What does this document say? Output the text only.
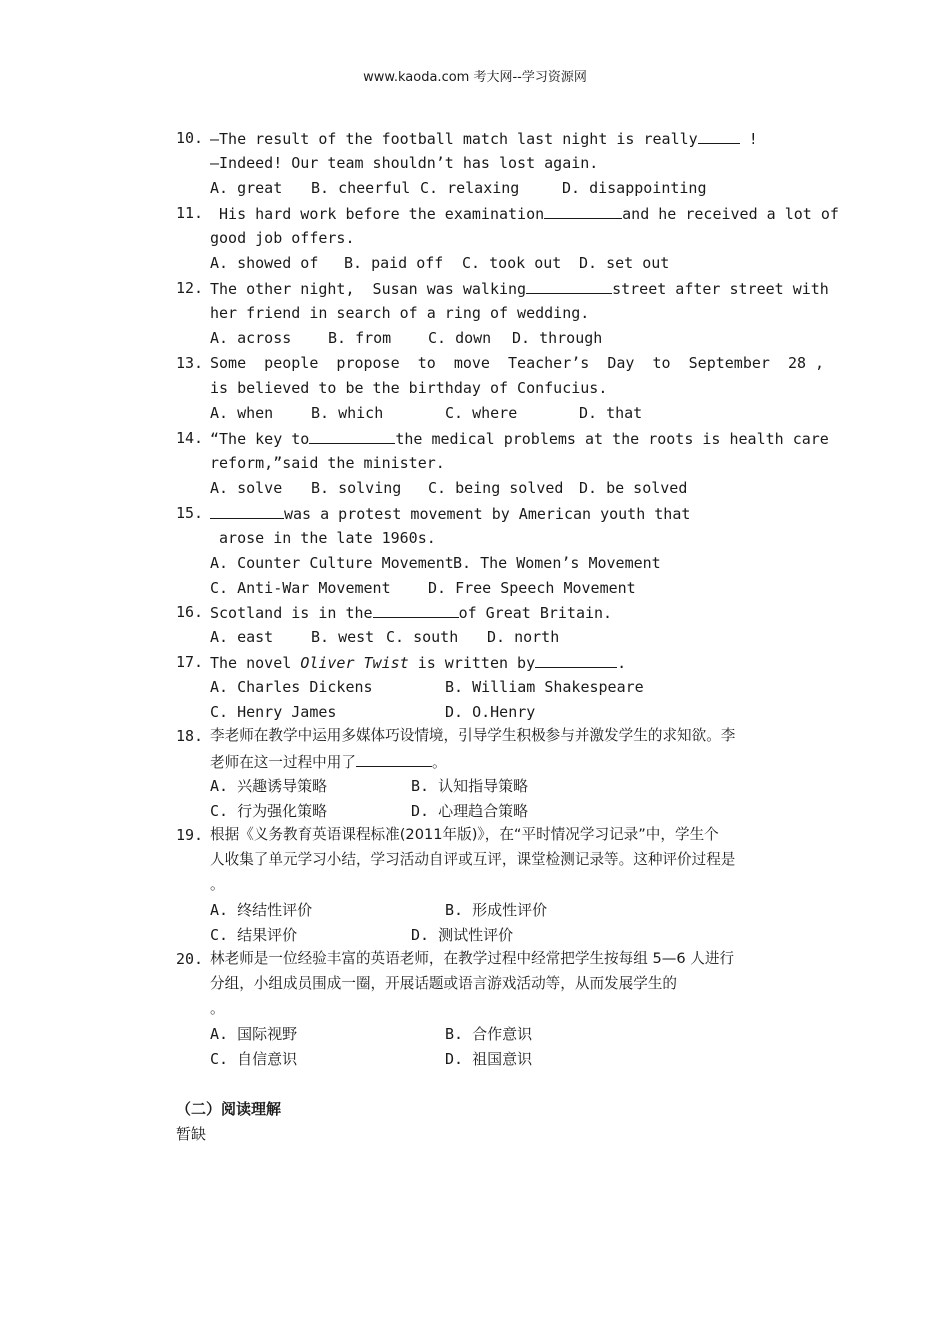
www.kaoda.com 考大网--学习资源网
10. —The result of the football match last night is really	!
—Indeed! Our team shouldn’t has lost again.
A. great B. cheerful C. relaxing	D. disappointing
11. His hard work before the examination	and he received a lot of
good job offers.
A. showed of B. paid off C. took out D. set out
12. The other night,  Susan was walking	street after street with
her friend in search of a ring of wedding.
A. across B. from C. down D. through
13. Some  people  propose  to  move  Teacher’s  Day  to  September  28 ,
is believed to be the birthday of Confucius.
A. when	B. which	C. where	D. that
14. “The key to	the medical problems at the roots is health care
reform,”said the minister.
A. solve B. solving C. being solved D. be solved
15.	was a protest movement by American youth that
arose in the late 1960s.
A. Counter Culture Movement B. The Women’s Movement
C. Anti-War Movement D. Free Speech Movement
16. Scotland is in the	of Great Britain.
A. east	B. west C. south D. north
17. The novel Oliver Twist is written by	.
A. Charles Dickens	B. William Shakespeare
C. Henry James	D. O.Henry
18. 李老师在教学中运用多媒体巧设情境，引导学生积极参与并激发学生的求知欲。李
老师在这一过程中用了	。
A. 兴趣诱导策略	B. 认知指导策略
C. 行为强化策略	D. 心理趋合策略
19. 根据《义务教育英语课程标准(2011年版)》，在“平时情况学习记录”中，学生个
人收集了单元学习小结，学习活动自评或互评，课堂检测记录等。这种评价过程是
。
A. 终结性评价	B. 形成性评价
C. 结果评价	D. 测试性评价
20. 林老师是一位经验丰富的英语老师，在教学过程中经常把学生按每组 5—6 人进行
分组，小组成员围成一圈，开展话题或语言游戏活动等，从而发展学生的
。
A. 国际视野	B. 合作意识
C. 自信意识	D. 祖国意识
（二）阅读理解
暂缺
